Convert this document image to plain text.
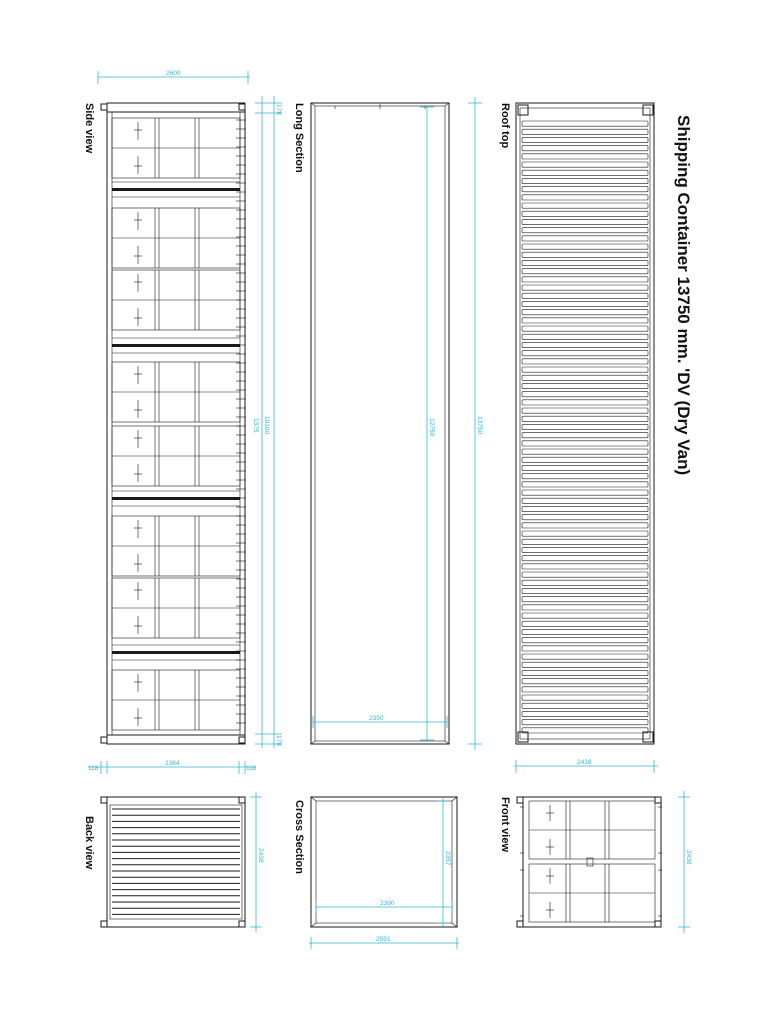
Shipping Container 13750 mm. 'DV (Dry Van)
Side view
2600
178
10100
1375
178
Long Section
12750
2350
13750
Roof top
2438
118
2364
118
Back view	2438	Cross Section	2357
2390
2591
Front view
2438
